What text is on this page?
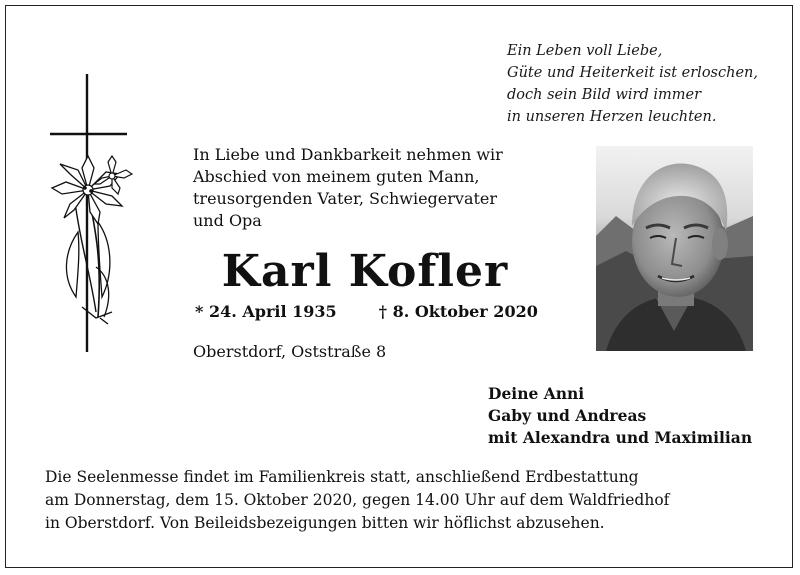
Ein Leben voll Liebe,
Güte und Heiterkeit ist erloschen,
doch sein Bild wird immer
in unseren Herzen leuchten.
In Liebe und Dankbarkeit nehmen wir
Abschied von meinem guten Mann,
treusorgenden Vater, Schwiegervater
und Opa
Karl Kofler
* 24. April 1935	† 8. Oktober 2020
Oberstdorf, Oststraße 8
Deine Anni
Gaby und Andreas
mit Alexandra und Maximilian
Die Seelenmesse findet im Familienkreis statt, anschließend Erdbestattung
am Donnerstag, dem 15. Oktober 2020, gegen 14.00 Uhr auf dem Waldfriedhof
in Oberstdorf. Von Beileidsbezeigungen bitten wir höflichst abzusehen.
